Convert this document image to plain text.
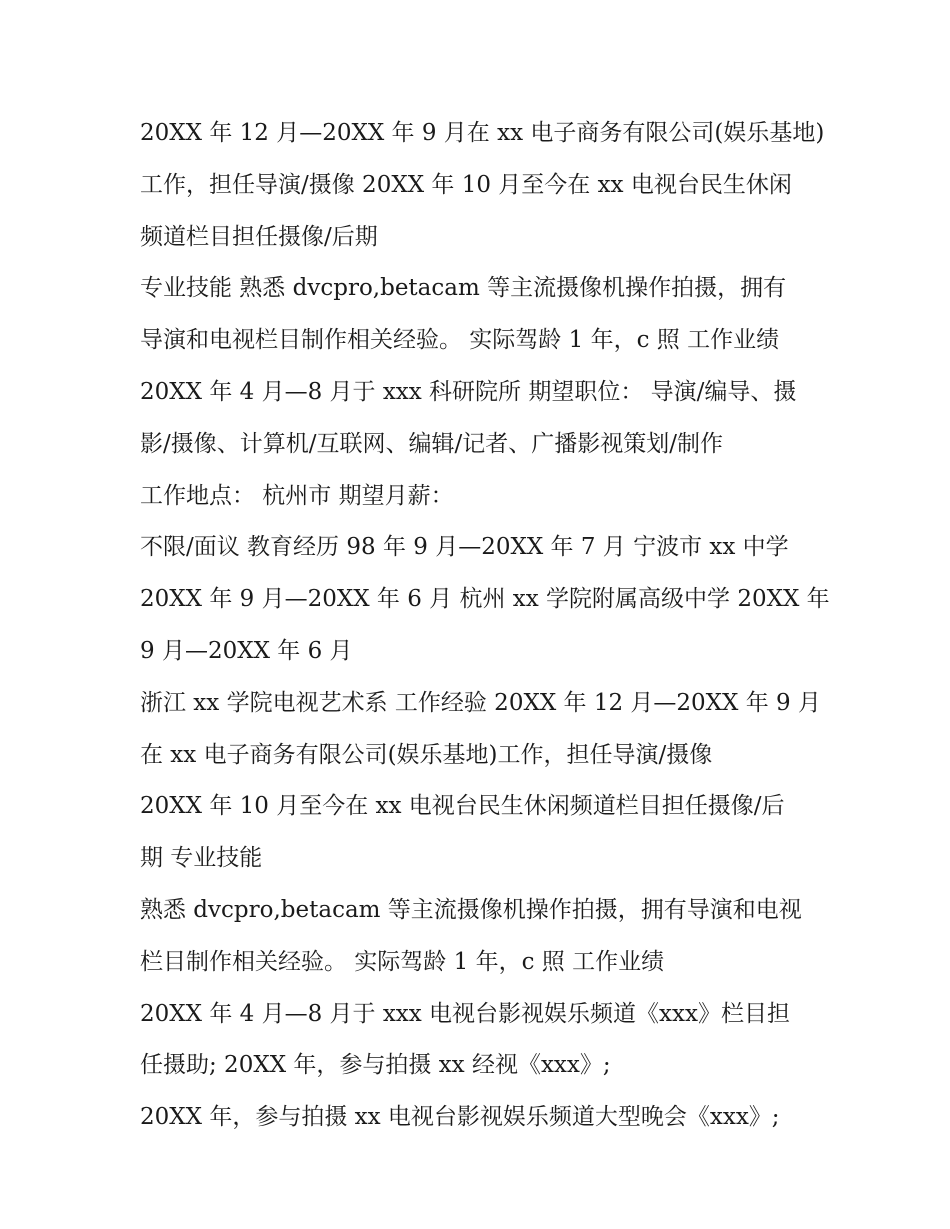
20XX 年 12 月—20XX 年 9 月在 xx 电子商务有限公司(娱乐基地)
工作，担任导演/摄像 20XX 年 10 月至今在 xx 电视台民生休闲
频道栏目担任摄像/后期
专业技能 熟悉 dvcpro,betacam 等主流摄像机操作拍摄，拥有
导演和电视栏目制作相关经验。 实际驾龄 1 年，c 照 工作业绩
20XX 年 4 月—8 月于 xxx 科研院所 期望职位： 导演/编导、摄
影/摄像、计算机/互联网、编辑/记者、广播影视策划/制作
工作地点： 杭州市 期望月薪：
不限/面议 教育经历 98 年 9 月—20XX 年 7 月 宁波市 xx 中学
20XX 年 9 月—20XX 年 6 月 杭州 xx 学院附属高级中学 20XX 年
9 月—20XX 年 6 月
浙江 xx 学院电视艺术系 工作经验 20XX 年 12 月—20XX 年 9 月
在 xx 电子商务有限公司(娱乐基地)工作，担任导演/摄像
20XX 年 10 月至今在 xx 电视台民生休闲频道栏目担任摄像/后
期 专业技能
熟悉 dvcpro,betacam 等主流摄像机操作拍摄，拥有导演和电视
栏目制作相关经验。 实际驾龄 1 年，c 照 工作业绩
20XX 年 4 月—8 月于 xxx 电视台影视娱乐频道《xxx》栏目担
任摄助; 20XX 年，参与拍摄 xx 经视《xxx》;
20XX 年，参与拍摄 xx 电视台影视娱乐频道大型晚会《xxx》;
